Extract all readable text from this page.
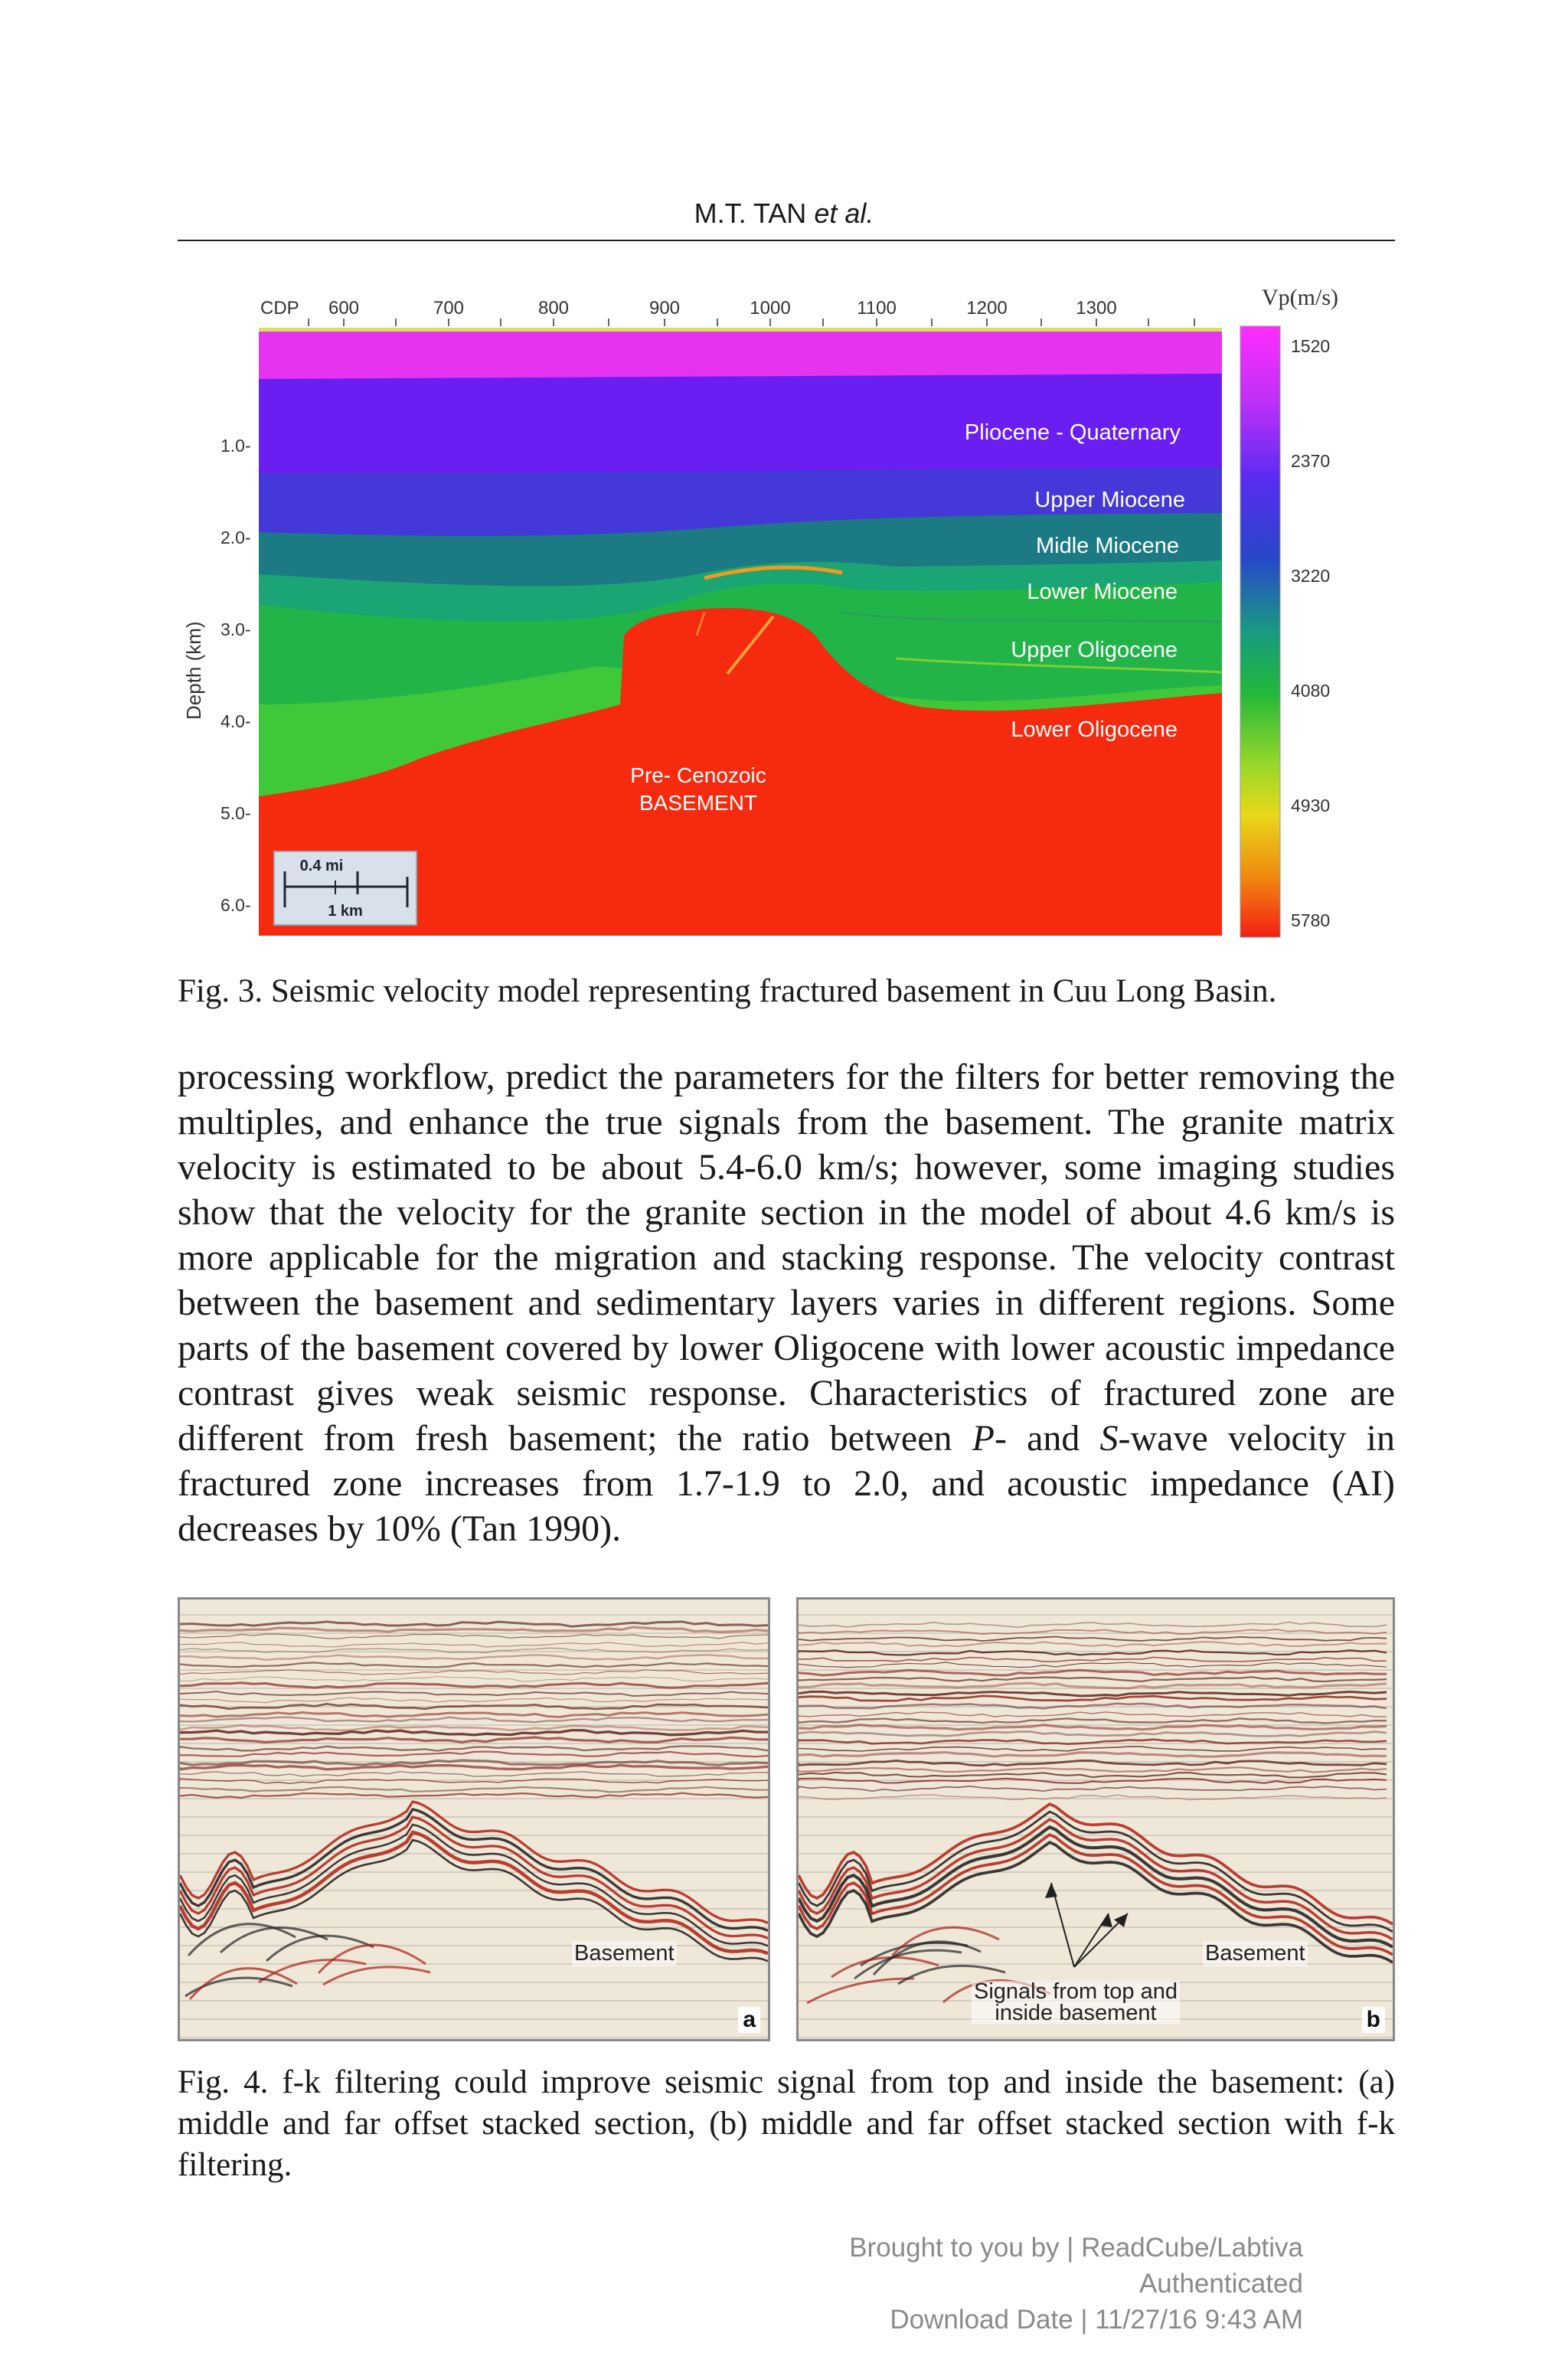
M.T. TAN et al.
CDP 600	700	800	900	1000	1100	1200	1300
1.0-
2.0-
3.0-
4.0-
5.0-
6.0-
Depth (km)
Pliocene - Quaternary
Upper Miocene
Midle Miocene
Lower Miocene
Upper Oligocene
Lower Oligocene
Pre- Cenozoic
BASEMENT
0.4 mi
1 km
Vp(m/s)
1520
2370
3220
4080
4930
5780
Fig. 3. Seismic velocity model representing fractured basement in Cuu Long Basin.

processing workflow, predict the parameters for the filters for better removing the multiples, and enhance the true signals from the basement. The granite matrix velocity is estimated to be about 5.4-6.0 km/s; however, some imaging studies show that the velocity for the granite section in the model of about 4.6 km/s is more applicable for the migration and stacking response. The velocity contrast between the basement and sedimentary layers varies in different regions. Some parts of the basement covered by lower Oligocene with lower acoustic impedance contrast gives weak seismic response. Characteristics of fractured zone are different from fresh basement; the ratio between P- and S-wave velocity in fractured zone increases from 1.7-1.9 to 2.0, and acoustic impedance (AI) decreases by 10% (Tan 1990).

Basement
a
Basement
Signals from top and
inside basement	b
Fig. 4. f-k filtering could improve seismic signal from top and inside the basement: (a) middle and far offset stacked section, (b) middle and far offset stacked section with f-k filtering.
Brought to you by | ReadCube/Labtiva
Authenticated
Download Date | 11/27/16 9:43 AM
